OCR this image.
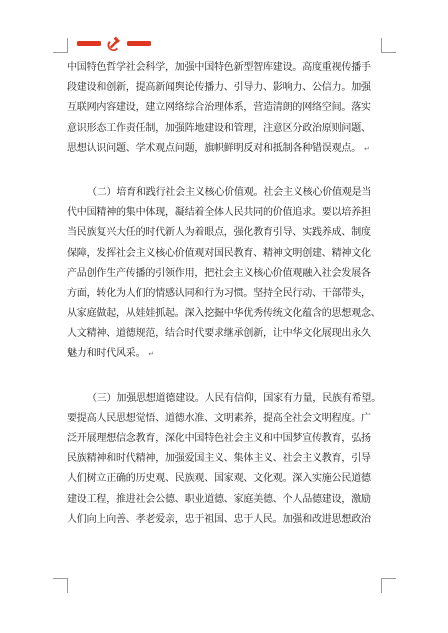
中国特色哲学社会科学，加强中国特色新型智库建设。高度重视传播手
段建设和创新，提高新闻舆论传播力、引导力、影响力、公信力。加强
互联网内容建设，建立网络综合治理体系，营造清朗的网络空间。落实
意识形态工作责任制，加强阵地建设和管理，注意区分政治原则问题、
思想认识问题、学术观点问题，旗帜鲜明反对和抵制各种错误观点。 ↵

（二）培育和践行社会主义核心价值观。社会主义核心价值观是当
代中国精神的集中体现，凝结着全体人民共同的价值追求。要以培养担
当民族复兴大任的时代新人为着眼点，强化教育引导、实践养成、制度
保障，发挥社会主义核心价值观对国民教育、精神文明创建、精神文化
产品创作生产传播的引领作用，把社会主义核心价值观融入社会发展各
方面，转化为人们的情感认同和行为习惯。坚持全民行动、干部带头，
从家庭做起，从娃娃抓起。深入挖掘中华优秀传统文化蕴含的思想观念、
人文精神、道德规范，结合时代要求继承创新，让中华文化展现出永久
魅力和时代风采。 ↵

（三）加强思想道德建设。人民有信仰，国家有力量，民族有希望。
要提高人民思想觉悟、道德水准、文明素养，提高全社会文明程度。广
泛开展理想信念教育，深化中国特色社会主义和中国梦宣传教育，弘扬
民族精神和时代精神，加强爱国主义、集体主义、社会主义教育，引导
人们树立正确的历史观、民族观、国家观、文化观。深入实施公民道德
建设工程，推进社会公德、职业道德、家庭美德、个人品德建设，激励
人们向上向善、孝老爱亲，忠于祖国、忠于人民。加强和改进思想政治
